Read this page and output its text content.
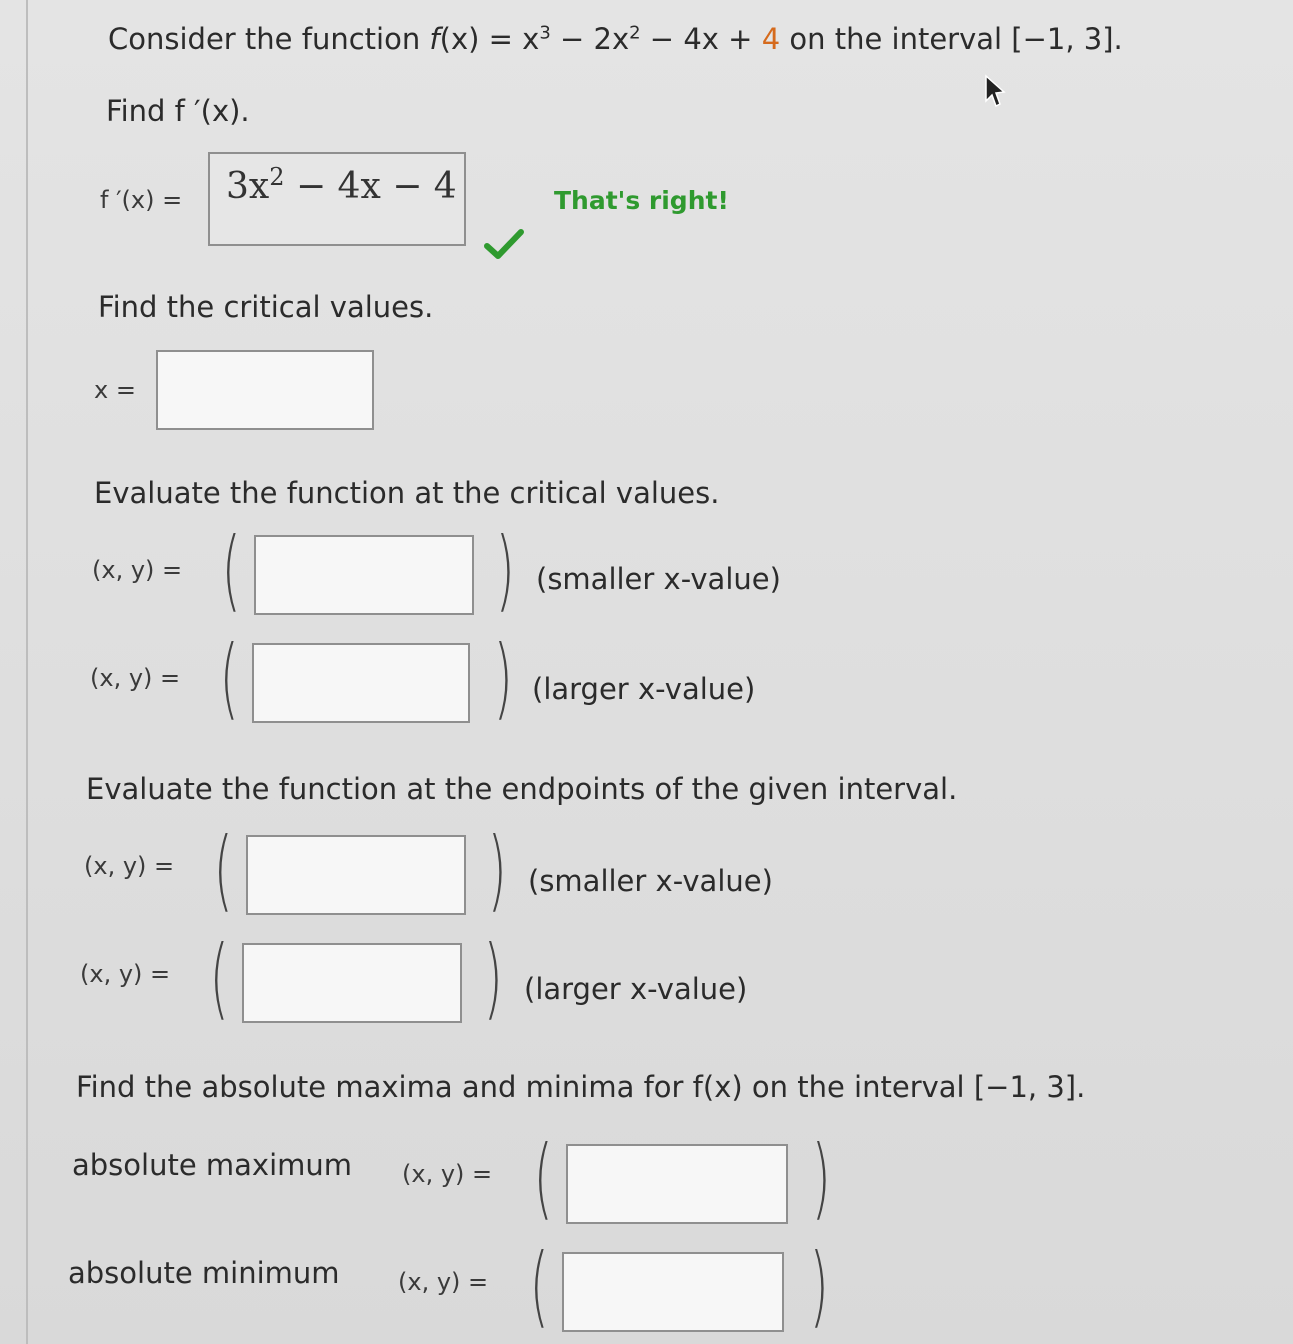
Consider the function $f(x) = x^3 - 2x^2 - 4x + 4$ on the interval [−1, 3].
Find f ′(x).
f ′(x) =	$3x^2 - 4x - 4$	That's right!
Find the critical values.
x =
Evaluate the function at the critical values.
(x, y) = (	) (smaller x-value)
(x, y) = (	) (larger x-value)
Evaluate the function at the endpoints of the given interval.
(x, y) = (	) (smaller x-value)
(x, y) = (	) (larger x-value)
Find the absolute maxima and minima for f(x) on the interval [−1, 3].
absolute maximum (x, y) = (	)
absolute minimum (x, y) = (	)
